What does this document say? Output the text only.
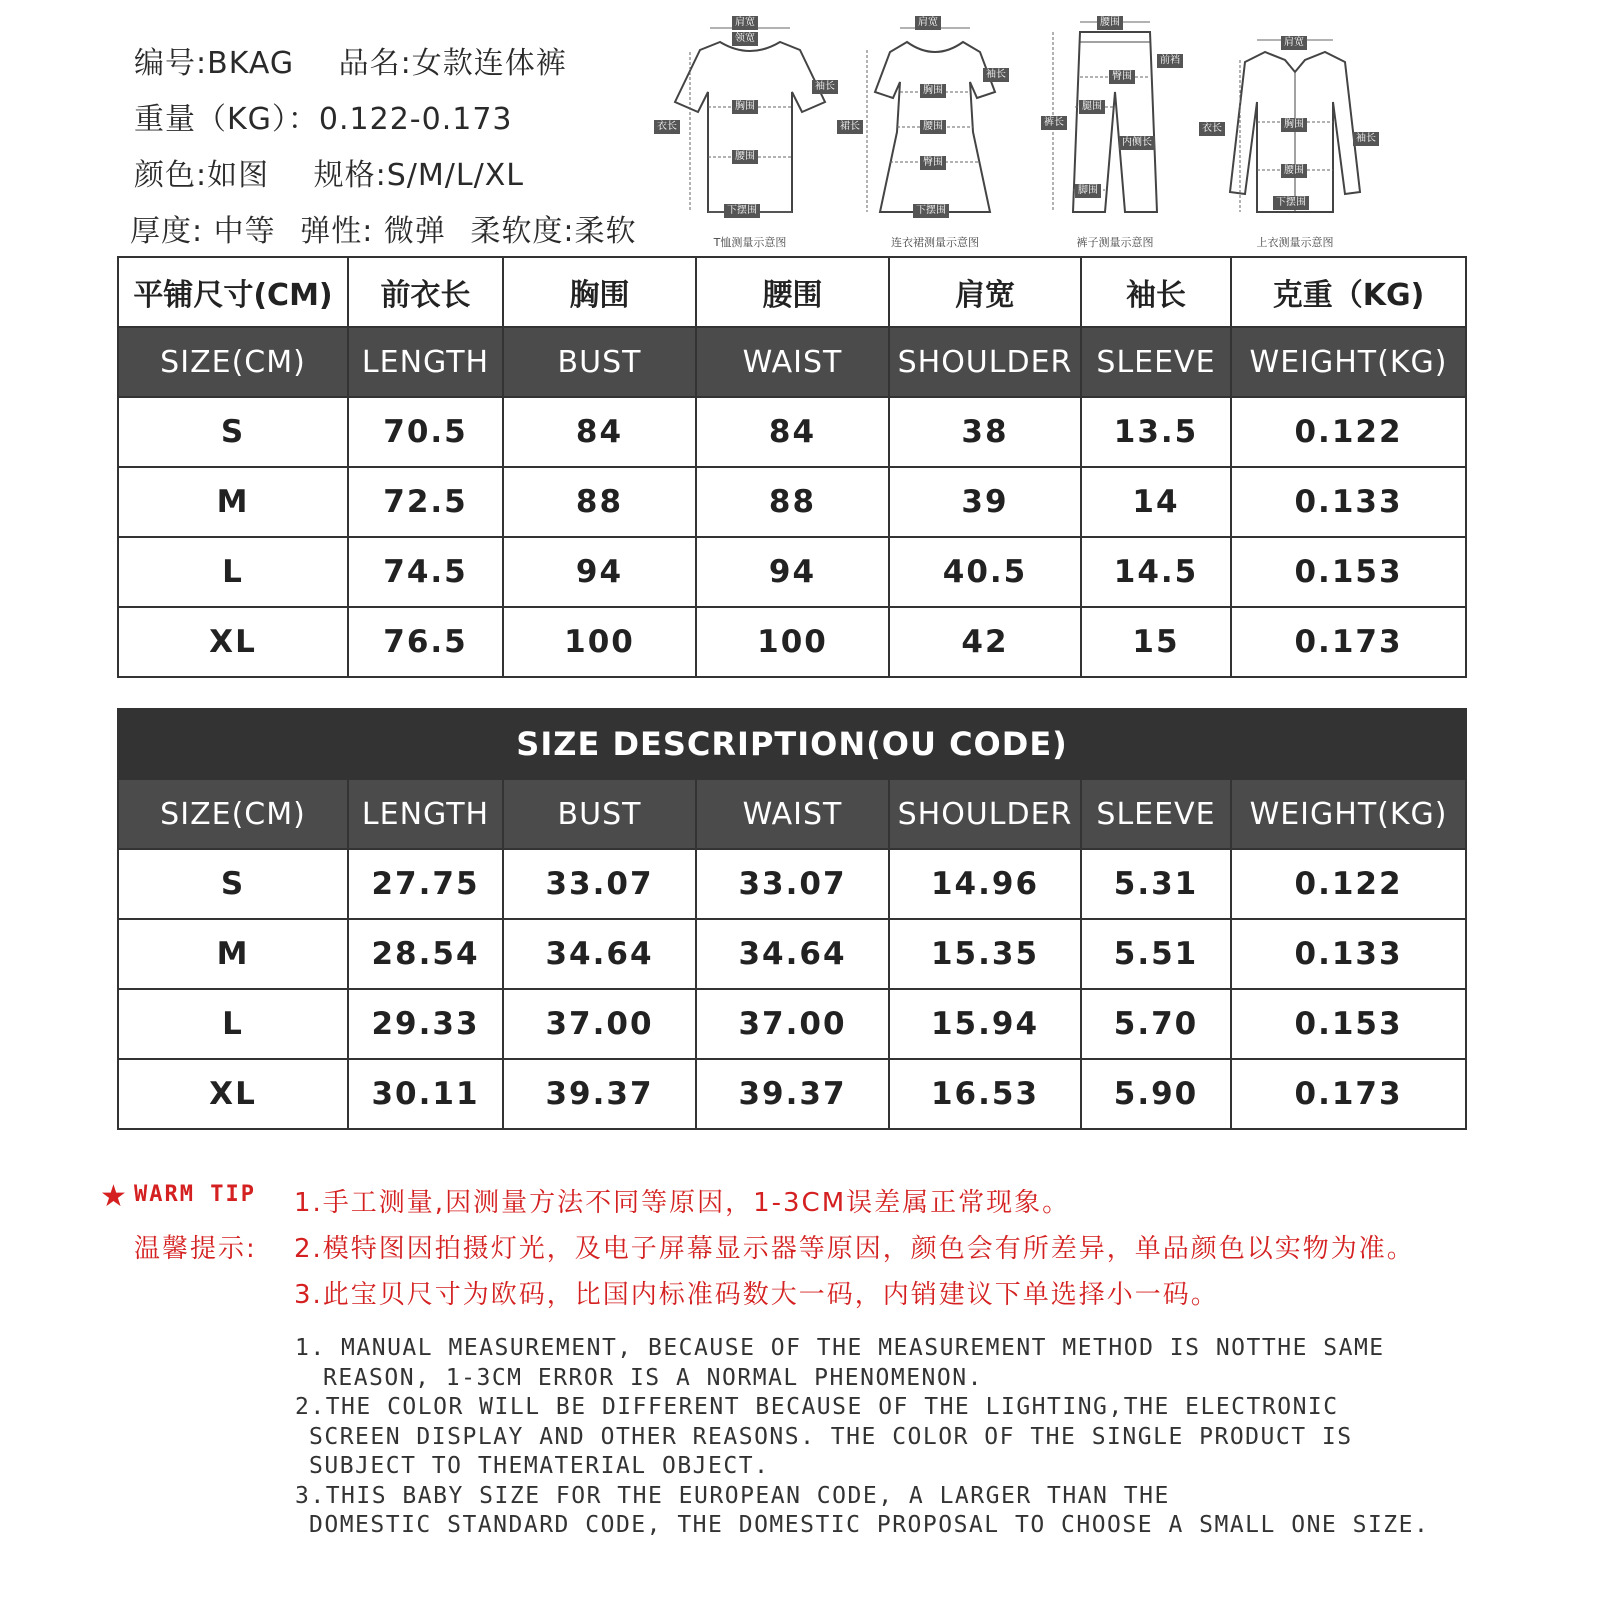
编号:BKAG 品名:女款连体裤
重量（KG）：0.122-0.173
颜色:如图 规格:S/M/L/XL
厚度: 中等 弹性: 微弹 柔软度:柔软
肩宽
领宽
袖长
衣长
胸围
腰围
下摆围
T恤测量示意图
肩宽
袖长
胸围
裙长	腰围
臀围
下摆围
连衣裙测量示意图
腰围
前裆
臀围
腿围
裤长
内侧长
脚围
裤子测量示意图
肩宽
衣长	胸围
袖长
腰围
下摆围
上衣测量示意图
平铺尺寸(CM)	前衣长	胸围	腰围	肩宽	袖长	克重（KG)
SIZE(CM)	LENGTH	BUST	WAIST	SHOULDER	SLEEVE	WEIGHT(KG)
S	70.5	84	84	38	13.5	0.122
M	72.5	88	88	39	14	0.133
L	74.5	94	94	40.5	14.5	0.153
XL	76.5	100	100	42	15	0.173
SIZE DESCRIPTION(OU CODE)						
SIZE(CM)	LENGTH	BUST	WAIST	SHOULDER	SLEEVE	WEIGHT(KG)
S	27.75	33.07	33.07	14.96	5.31	0.122
M	28.54	34.64	34.64	15.35	5.51	0.133
L	29.33	37.00	37.00	15.94	5.70	0.153
XL	30.11	39.37	39.37	16.53	5.90	0.173
★ WARM TIP
温馨提示:
1.手工测量,因测量方法不同等原因，1-3CM误差属正常现象。
2.模特图因拍摄灯光，及电子屏幕显示器等原因，颜色会有所差异，单品颜色以实物为准。
3.此宝贝尺寸为欧码，比国内标准码数大一码，内销建议下单选择小一码。
1. MANUAL MEASUREMENT, BECAUSE OF THE MEASUREMENT METHOD IS NOTTHE SAME
REASON, 1-3CM ERROR IS A NORMAL PHENOMENON.
2.THE COLOR WILL BE DIFFERENT BECAUSE OF THE LIGHTING,THE ELECTRONIC
SCREEN DISPLAY AND OTHER REASONS. THE COLOR OF THE SINGLE PRODUCT IS
SUBJECT TO THEMATERIAL OBJECT.
3.THIS BABY SIZE FOR THE EUROPEAN CODE, A LARGER THAN THE
DOMESTIC STANDARD CODE, THE DOMESTIC PROPOSAL TO CHOOSE A SMALL ONE SIZE.
